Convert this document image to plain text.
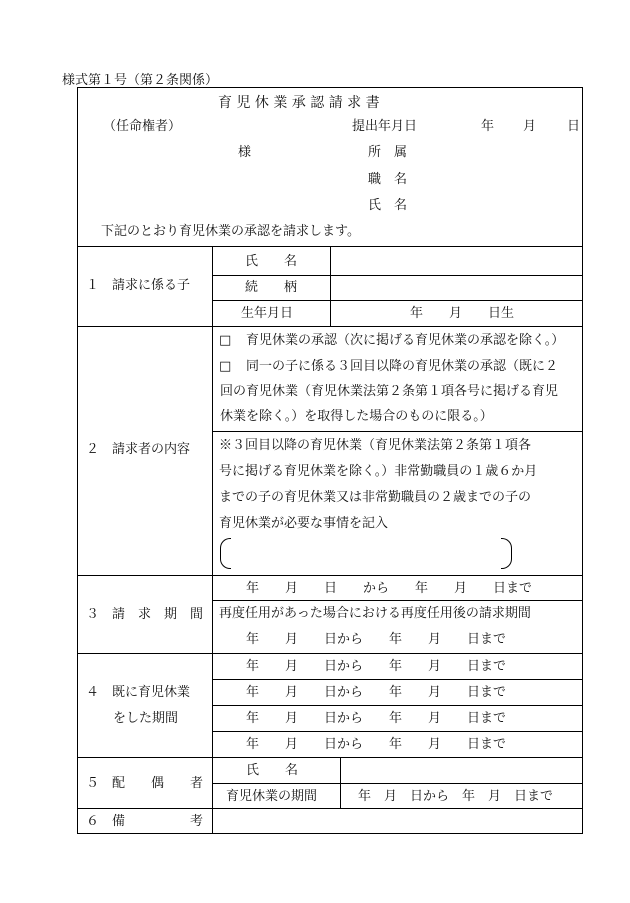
様式第１号（第２条関係）
育 児 休 業 承 認 請 求 書
（任命権者）	提出年月日	年 月 日
様	所　属
職　名
氏　名
下記のとおり育児休業の承認を請求します。
１　請求に係る子
氏　　名
続　　柄
生年月日	年　　月　　日生
２　請求者の内容
□ 育児休業の承認（次に掲げる育児休業の承認を除く。）
□ 同一の子に係る３回目以降の育児休業の承認（既に２
回の育児休業（育児休業法第２条第１項各号に掲げる育児
休業を除く。）を取得した場合のものに限る。）
※３回目以降の育児休業（育児休業法第２条第１項各
号に掲げる育児休業を除く。）非常勤職員の１歳６か月
までの子の育児休業又は非常勤職員の２歳までの子の
育児休業が必要な事情を記入
３　請　求　期　間
年　　月　　日　　から　　年　　月　　日まで
再度任用があった場合における再度任用後の請求期間
年　　月　　日から　　年　　月　　日まで
４　既に育児休業
をした期間
年　　月　　日から　　年　　月　　日まで
年　　月　　日から　　年　　月　　日まで
年　　月　　日から　　年　　月　　日まで
年　　月　　日から　　年　　月　　日まで
５　配　　偶　　者
氏　　名
育児休業の期間	年　月　日から　年　月　日まで
６　備　　　　　考
